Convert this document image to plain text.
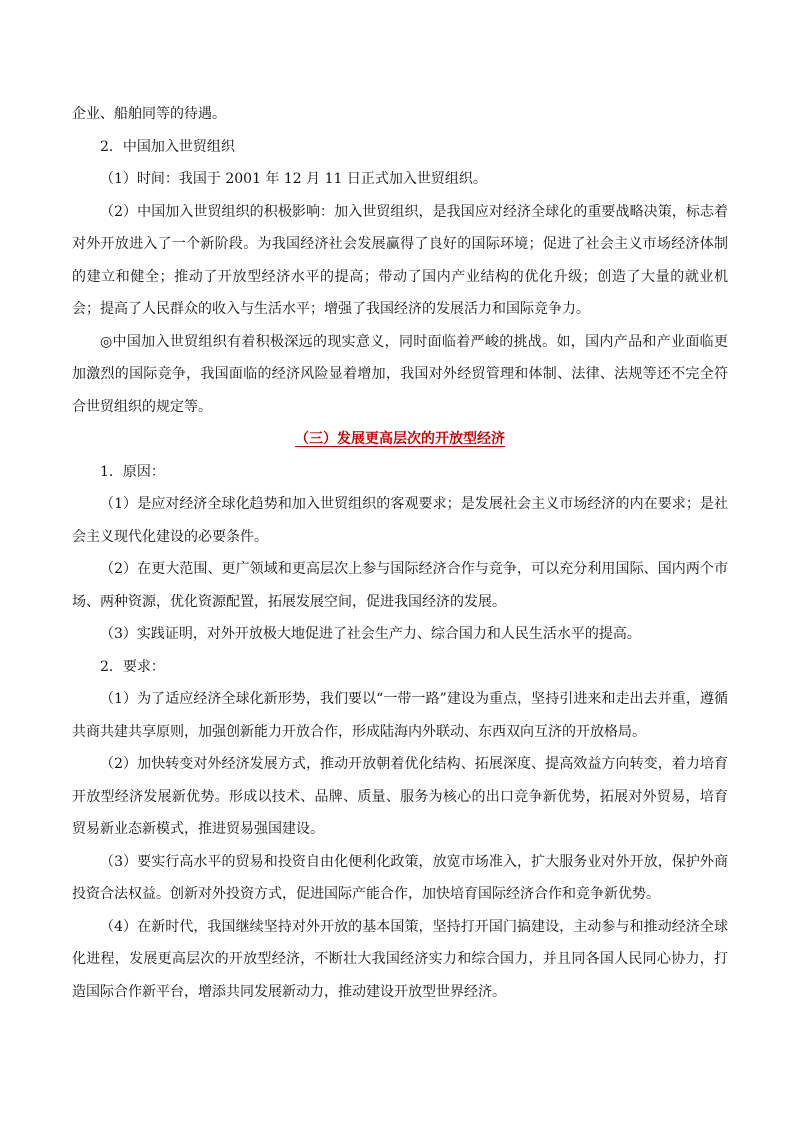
企业、船舶同等的待遇。

2．中国加入世贸组织

（1）时间：我国于 2001 年 12 月 11 日正式加入世贸组织。

（2）中国加入世贸组织的积极影响：加入世贸组织，是我国应对经济全球化的重要战略决策，标志着对外开放进入了一个新阶段。为我国经济社会发展赢得了良好的国际环境；促进了社会主义市场经济体制的建立和健全；推动了开放型经济水平的提高；带动了国内产业结构的优化升级；创造了大量的就业机会；提高了人民群众的收入与生活水平；增强了我国经济的发展活力和国际竞争力。

◎中国加入世贸组织有着积极深远的现实意义，同时面临着严峻的挑战。如，国内产品和产业面临更加激烈的国际竞争，我国面临的经济风险显着增加，我国对外经贸管理和体制、法律、法规等还不完全符合世贸组织的规定等。

（三）发展更高层次的开放型经济

1．原因：

（1）是应对经济全球化趋势和加入世贸组织的客观要求；是发展社会主义市场经济的内在要求；是社会主义现代化建设的必要条件。

（2）在更大范围、更广领域和更高层次上参与国际经济合作与竞争，可以充分利用国际、国内两个市场、两种资源，优化资源配置，拓展发展空间，促进我国经济的发展。

（3）实践证明，对外开放极大地促进了社会生产力、综合国力和人民生活水平的提高。

2．要求：

（1）为了适应经济全球化新形势，我们要以“一带一路”建设为重点，坚持引进来和走出去并重，遵循共商共建共享原则，加强创新能力开放合作，形成陆海内外联动、东西双向互济的开放格局。

（2）加快转变对外经济发展方式，推动开放朝着优化结构、拓展深度、提高效益方向转变，着力培育开放型经济发展新优势。形成以技术、品牌、质量、服务为核心的出口竞争新优势，拓展对外贸易，培育贸易新业态新模式，推进贸易强国建设。

（3）要实行高水平的贸易和投资自由化便利化政策，放宽市场准入，扩大服务业对外开放，保护外商投资合法权益。创新对外投资方式，促进国际产能合作，加快培育国际经济合作和竞争新优势。

（4）在新时代，我国继续坚持对外开放的基本国策，坚持打开国门搞建设，主动参与和推动经济全球化进程，发展更高层次的开放型经济，不断壮大我国经济实力和综合国力，并且同各国人民同心协力，打造国际合作新平台，增添共同发展新动力，推动建设开放型世界经济。
